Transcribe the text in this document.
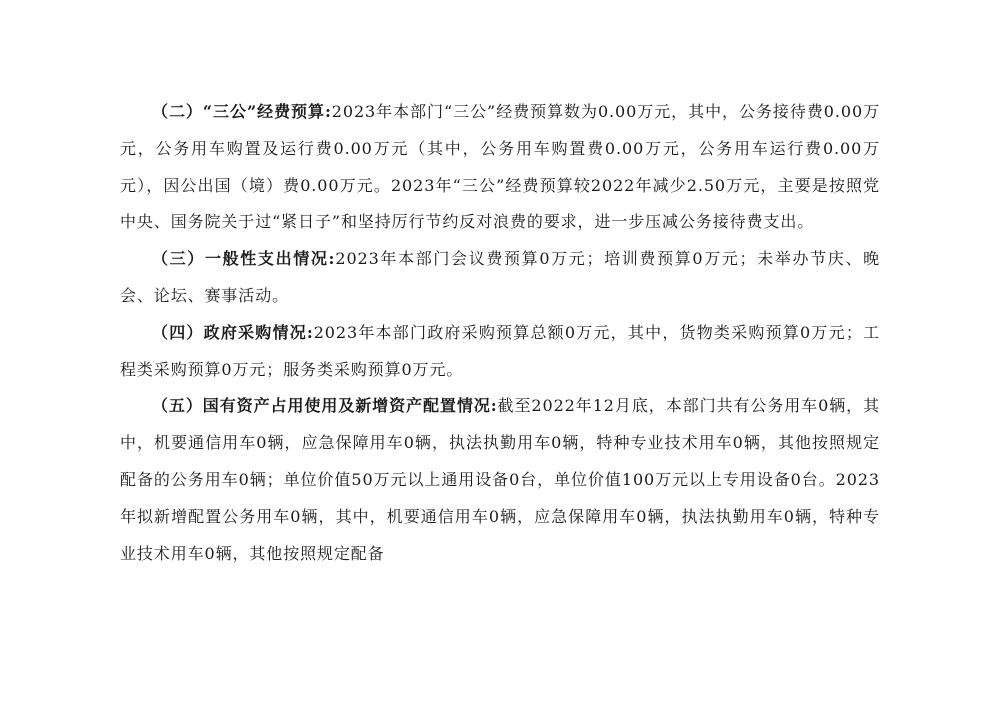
（二）“三公”经费预算:2023年本部门“三公”经费预算数为0.00万元，其中，公务接待费0.00万元，公务用车购置及运行费0.00万元（其中，公务用车购置费0.00万元，公务用车运行费0.00万元），因公出国（境）费0.00万元。2023年“三公”经费预算较2022年减少2.50万元，主要是按照党中央、国务院关于过“紧日子”和坚持厉行节约反对浪费的要求，进一步压减公务接待费支出。

（三）一般性支出情况:2023年本部门会议费预算0万元；培训费预算0万元；未举办节庆、晚会、论坛、赛事活动。

（四）政府采购情况:2023年本部门政府采购预算总额0万元，其中，货物类采购预算0万元；工程类采购预算0万元；服务类采购预算0万元。

（五）国有资产占用使用及新增资产配置情况:截至2022年12月底，本部门共有公务用车0辆，其中，机要通信用车0辆，应急保障用车0辆，执法执勤用车0辆，特种专业技术用车0辆，其他按照规定配备的公务用车0辆；单位价值50万元以上通用设备0台，单位价值100万元以上专用设备0台。2023年拟新增配置公务用车0辆，其中，机要通信用车0辆，应急保障用车0辆，执法执勤用车0辆，特种专业技术用车0辆，其他按照规定配备
